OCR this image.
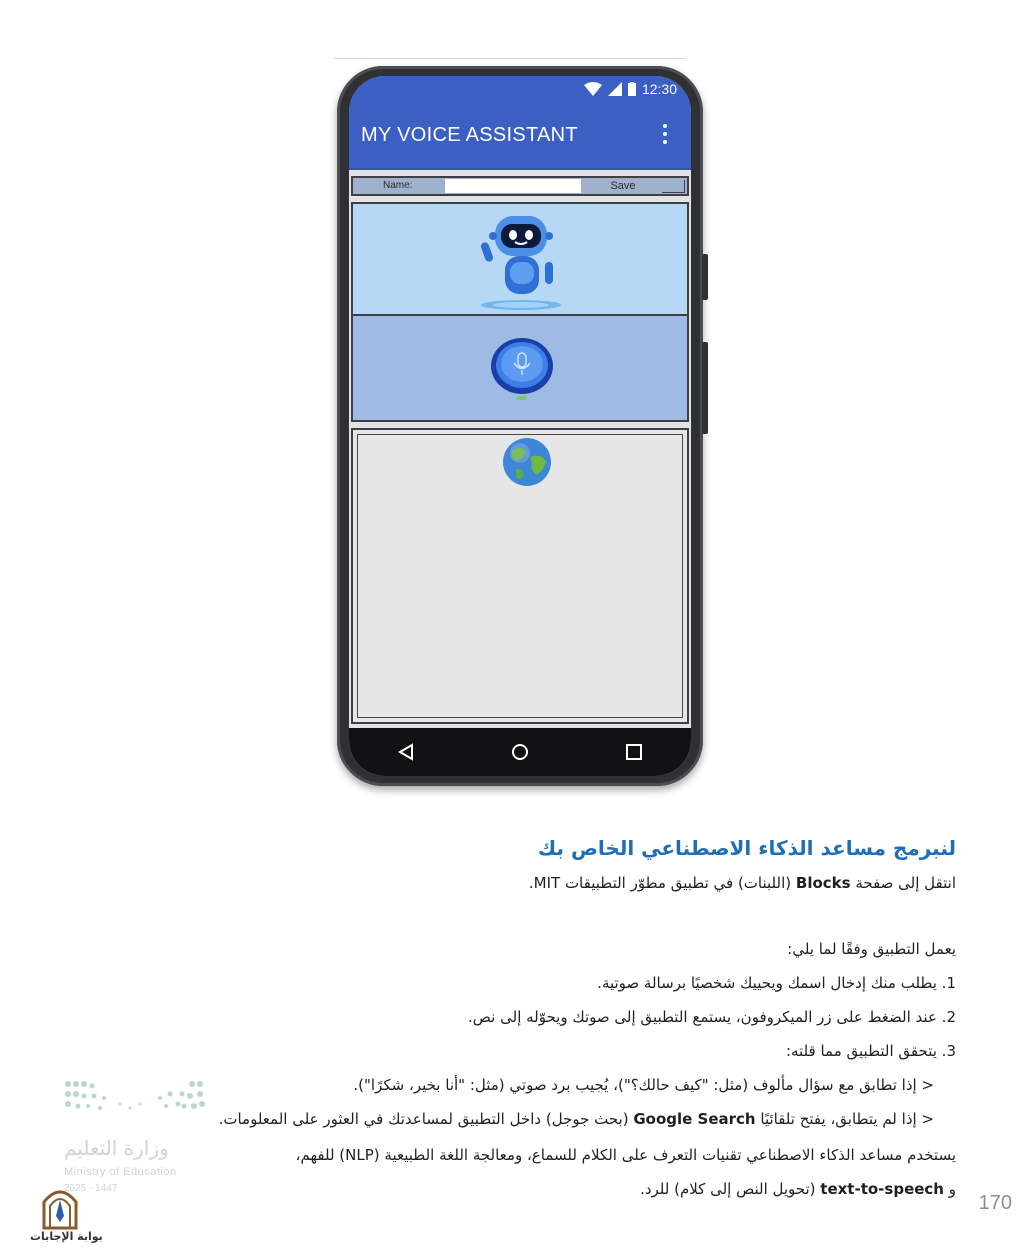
12:30
MY VOICE ASSISTANT
Name:	Save
لنبرمج مساعد الذكاء الاصطناعي الخاص بك
انتقل إلى صفحة Blocks (اللبنات) في تطبيق مطوّر التطبيقات MIT.
يعمل التطبيق وفقًا لما يلي:
1. يطلب منك إدخال اسمك ويحييك شخصيًا برسالة صوتية.
2. عند الضغط على زر الميكروفون، يستمع التطبيق إلى صوتك ويحوّله إلى نص.
3. يتحقق التطبيق مما قلته:
< إذا تطابق مع سؤال مألوف (مثل: "كيف حالك؟")، يُجيب برد صوتي (مثل: "أنا بخير، شكرًا").
< إذا لم يتطابق، يفتح تلقائيًا Google Search (بحث جوجل) داخل التطبيق لمساعدتك في العثور على المعلومات.
يستخدم مساعد الذكاء الاصطناعي تقنيات التعرف على الكلام للسماع، ومعالجة اللغة الطبيعية (NLP) للفهم،
و text-to-speech (تحويل النص إلى كلام) للرد.
170
وزارة التعليم
Ministry of Education
2025 - 1447
بوابة الإجابات
